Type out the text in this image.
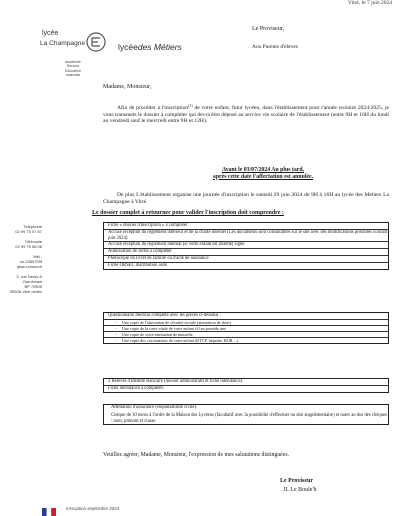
Vitré, le 7 juin 2024
lycée
La Champagne
académie
Rennes
Éducation
nationale
lycéedes Métiers
Le Proviseur,
Aux Parents d'élèves
Téléphone
02 99 75 07 67
Télécopie
02 99 75 56 08
Mél :
ce.0350709f
@ac-rennes.fr
2, rue Henry A
Garnichaw
BP 70505
35506 Vitré cedex
Madame, Monsieur,
Afin de procéder à l'inscription$^{(1)}$ de votre enfant, futur lycéen, dans l'établissement pour l'année scolaire 2024/2025, je vous transmets le dossier à compléter qui devra être déposé au service vie scolaire de l'établissement (entre 9H et 16H du lundi au vendredi sauf le mercredi entre 9H et 12H).
Avant le 03/07/2024 Au plus tard,
après cette date l'affectation est annulée.
De plus L'établissement organise une journée d'inscription le samedi 29 juin 2024 de 9H à 16H au lycée des Métiers La Champagne à Vitré.
Le dossier complet à retourner pour valider l'inscription doit comprendre :
Fiche « dossier d'inscription » à compléter
Accusé réception du règlement intérieur et de la charte internet (Les documents sont consultables sur le site avec des modifications possibles courant juin 2024)
Accusé réception du règlement internat (si votre enfant est interne) signé
Autorisation de sortie à compléter
Photocopie du livret de famille ou d'acte de naissance
Fiche ORSEC distribution iode
Questionnaire médical complété avec les pièces ci-dessous :
- Une copie de l'attestation de sécurité sociale (attestation de droit)
- Une copie de la carte vitale de votre enfant s'il en possède une
- Une copie de votre attestation de mutuelle
- Une copie des vaccinations de votre enfant (DTCP, hépatite, ROR…)
2 Relevés d'Identité Bancaire (dossier administratif et fiche intendance).
Fiche intendance à compléter.
Attestation d'assurance (responsabilité civile).
Chèque de 10 euros à l'ordre de la Maison des Lycéens (facultatif avec la possibilité d'effectuer un don supplémentaire) et noter au dos des chèques : nom, prénom et classe.
Veuillez agréer, Madame, Monsieur, l'expression de mes salutations distinguées.
Le Proviseur
JL Le Boule'h
Inscription septembre 2024
